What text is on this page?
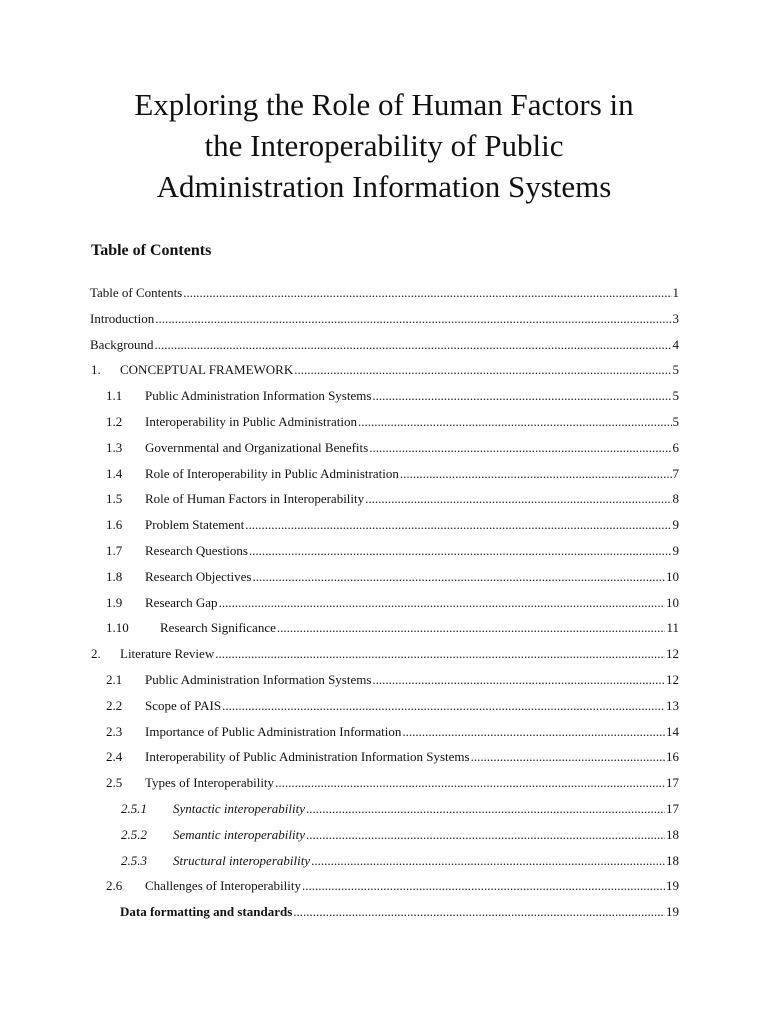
Exploring the Role of Human Factors in
the Interoperability of Public
Administration Information Systems
Table of Contents
Table of Contents .....	1
Introduction .....	3
Background .....	4
1. CONCEPTUAL FRAMEWORK .....	5
1.1 Public Administration Information Systems .....	5
1.2 Interoperability in Public Administration .....	5
1.3 Governmental and Organizational Benefits .....	6
1.4 Role of Interoperability in Public Administration .....	7
1.5 Role of Human Factors in Interoperability .....	8
1.6 Problem Statement .....	9
1.7 Research Questions .....	9
1.8 Research Objectives .....	10
1.9 Research Gap .....	10
1.10 Research Significance .....	11
2. Literature Review .....	12
2.1 Public Administration Information Systems .....	12
2.2 Scope of PAIS .....	13
2.3 Importance of Public Administration Information .....	14
2.4 Interoperability of Public Administration Information Systems .....	16
2.5 Types of Interoperability .....	17
2.5.1 Syntactic interoperability .....	17
2.5.2 Semantic interoperability .....	18
2.5.3 Structural interoperability .....	18
2.6 Challenges of Interoperability .....	19
Data formatting and standards .....	19
